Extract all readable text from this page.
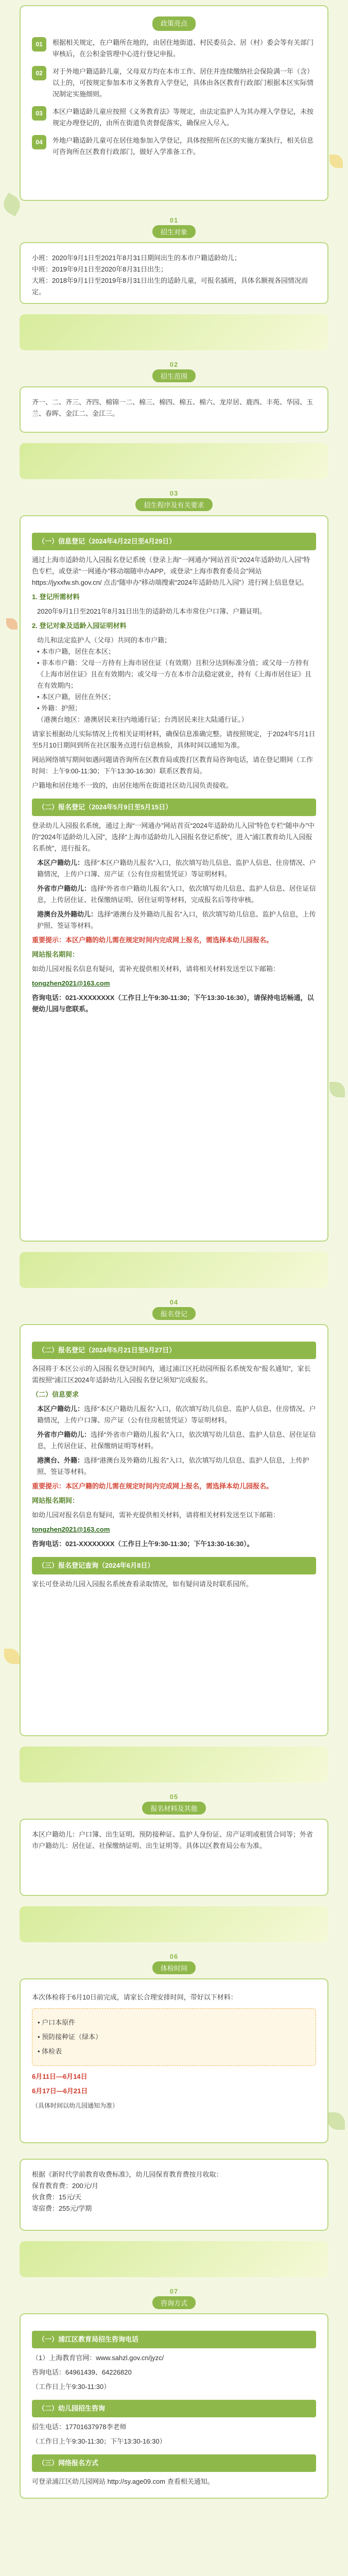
政策亮点
01	根据相关规定，在户籍所在地的，由居住地街道、村民委员会、居（村）委会等有关部门审核后，在公积金管理中心进行登记申报。
02	对于外地户籍适龄儿童，父母双方均在本市工作、居住并连续缴纳社会保险满一年（含）以上的，可按规定参加本市义务教育入学登记，具体由各区教育行政部门根据本区实际情况制定实施细则。
03	本区户籍适龄儿童应按照《义务教育法》等规定，由法定监护人为其办理入学登记，未按规定办理登记的，由所在街道负责督促落实，确保应入尽入。
04	外地户籍适龄儿童可在居住地参加入学登记，具体按照所在区的实施方案执行，相关信息可咨询所在区教育行政部门，做好入学准备工作。
01
招生对象
小班：2020年9月1日至2021年8月31日期间出生的本市户籍适龄幼儿；
中班：2019年9月1日至2020年8月31日出生；
大班：2018年9月1日至2019年8月31日出生的适龄儿童，可报名插班，具体名额视各园情况而定。
02
招生范围
齐一、二、齐三、齐四、棉锦一二、棉三、棉四、棉五、棉六、龙岸居、鹿西、丰苑、华园、玉兰、春晖、金江二、金江三。
03
招生程序及有关要求
（一）信息登记（2024年4月22日至4月29日）

通过上海市适龄幼儿入园报名登记系统（登录上海“一网通办”网站首页“2024年适龄幼儿入园”特色专栏，或登录“一网通办”移动端随申办APP，或登录“上海市教育委员会”网站 https://jyxxfw.sh.gov.cn/ 点击“随申办”移动端搜索“2024年适龄幼儿入园”）进行网上信息登记。

1. 登记所需材料

2020年9月1日至2021年8月31日出生的适龄幼儿本市常住户口簿、户籍证明。

2. 登记对象及适龄入园证明材料

幼儿和法定监护人（父母）共同的本市户籍；
• 本市户籍，居住在本区；
• 非本市户籍：父母一方持有上海市居住证（有效期）且积分达到标准分值；或父母一方持有《上海市居住证》且在有效期内；或父母一方在本市合法稳定就业，持有《上海市居住证》且在有效期内；
• 本区户籍，居住在外区；
• 外籍：护照；
（港澳台地区：港澳居民来往内地通行证；台湾居民来往大陆通行证。）

请家长根据幼儿实际情况上传相关证明材料，确保信息准确完整。请按照规定，于2024年5月1日至5月10日期间到所在社区服务点进行信息核验，具体时间以通知为准。

网站网络填写期间如遇问题请咨询所在区教育局或拨打区教育局咨询电话，请在登记期间（工作时间：上午9:00-11:30；下午13:30-16:30）联系区教育局。

户籍地和居住地不一致的，由居住地所在街道社区幼儿园负责接收。

（二）报名登记（2024年5月9日至5月15日）

登录幼儿入园报名系统，通过上海“一网通办”网站首页“2024年适龄幼儿入园”特色专栏“随申办”中的“2024年适龄幼儿入园”，选择“上海市适龄幼儿入园报名登记系统”，进入“浦江教育幼儿入园报名系统”，进行报名。

本区户籍幼儿：选择“本区户籍幼儿报名”入口，依次填写幼儿信息、监护人信息、住房情况、户籍情况，上传户口簿、房产证（公有住房租赁凭证）等证明材料。

外省市户籍幼儿：选择“外省市户籍幼儿报名”入口，依次填写幼儿信息、监护人信息、居住证信息，上传居住证、社保缴纳证明、居住证明等材料，完成报名后等待审核。

港澳台及外籍幼儿：选择“港澳台及外籍幼儿报名”入口，依次填写幼儿信息、监护人信息，上传护照、签证等材料。

重要提示：本区户籍的幼儿需在规定时间内完成网上报名，需选择本幼儿园报名。

网站报名期间：

如幼儿园对报名信息有疑问，需补充提供相关材料，请将相关材料发送至以下邮箱：

tongzhen2021@163.com

咨询电话：021-XXXXXXXX（工作日上午9:30-11:30；下午13:30-16:30），请保持电话畅通，以便幼儿园与您联系。

04
报名登记
（二）报名登记（2024年5月21日至5月27日）

各园将于本区公示的入园报名登记时间内，通过浦江区托幼园所报名系统发布“报名通知”，家长需按照“浦江区2024年适龄幼儿入园报名登记须知”完成报名。

（二）信息要求

本区户籍幼儿：选择“本区户籍幼儿报名”入口，依次填写幼儿信息、监护人信息、住房情况、户籍情况，上传户口簿、房产证（公有住房租赁凭证）等证明材料。

外省市户籍幼儿：选择“外省市户籍幼儿报名”入口，依次填写幼儿信息、监护人信息、居住证信息，上传居住证、社保缴纳证明等材料。

港澳台、外籍：选择“港澳台及外籍幼儿报名”入口，依次填写幼儿信息、监护人信息，上传护照、签证等材料。

重要提示：本区户籍的幼儿需在规定时间内完成网上报名，需选择本幼儿园报名。

网站报名期间：

如幼儿园对报名信息有疑问，需补充提供相关材料，请将相关材料发送至以下邮箱：

tongzhen2021@163.com

咨询电话：021-XXXXXXXX（工作日上午9:30-11:30；下午13:30-16:30）。

（三）报名登记查询（2024年6月8日）

家长可登录幼儿园入园报名系统查看录取情况，如有疑问请及时联系园所。

05
报名材料及其他
本区户籍幼儿：户口簿、出生证明、预防接种证、监护人身份证、房产证明或租赁合同等；外省市户籍幼儿：居住证、社保缴纳证明、出生证明等。具体以区教育局公布为准。
06
体检时间

本次体检将于6月10日前完成，请家长合理安排时间，带好以下材料：

• 户口本原件

• 预防接种证（绿本）

• 体检表

6月11日—6月14日

6月17日—6月21日

（具体时间以幼儿园通知为准）

根据《新时代学前教育收费标准》，幼儿园保育教育费按月收取：
保育教育费：200元/月
伙食费：15元/天
寄宿费：255元/学期
07
咨询方式
（一）浦江区教育局招生咨询电话

（1）上海教育官网：www.sahzl.gov.cn/jyzc/

咨询电话：64961439、64226820

（工作日上午9:30-11:30）

（二）幼儿园招生咨询

招生电话：17701637978李老师

（工作日上午9:30-11:30；下午13:30-16:30）

（三）网络报名方式

可登录浦江区幼儿园网站 http://sy.age09.com 查看相关通知。
